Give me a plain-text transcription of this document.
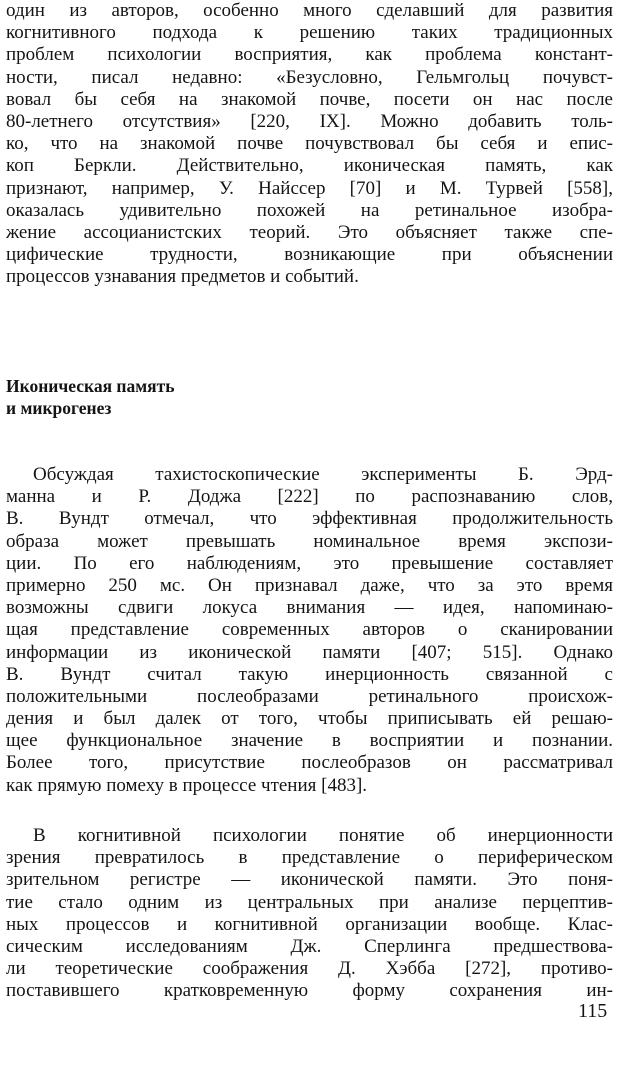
один из авторов, особенно много сделавший для развития
когнитивного подхода к решению таких традиционных
проблем психологии восприятия, как проблема констант-
ности, писал недавно: «Безусловно, Гельмгольц почувст-
вовал бы себя на знакомой почве, посети он нас после
80-летнего отсутствия» [220, IX]. Можно добавить толь-
ко, что на знакомой почве почувствовал бы себя и епис-
коп Беркли. Действительно, иконическая память, как
признают, например, У. Найссер [70] и М. Турвей [558],
оказалась удивительно похожей на ретинальное изобра-
жение ассоцианистских теорий. Это объясняет также спе-
цифические трудности, возникающие при объяснении
процессов узнавания предметов и событий.
Иконическая память
и микрогенез
Обсуждая тахистоскопические эксперименты Б. Эрд-
манна и Р. Доджа [222] по распознаванию слов,
В. Вундт отмечал, что эффективная продолжительность
образа может превышать номинальное время экспози-
ции. По его наблюдениям, это превышение составляет
примерно 250 мс. Он признавал даже, что за это время
возможны сдвиги локуса внимания — идея, напоминаю-
щая представление современных авторов о сканировании
информации из иконической памяти [407; 515]. Однако
В. Вундт считал такую инерционность связанной с
положительными послеобразами ретинального происхож-
дения и был далек от того, чтобы приписывать ей решаю-
щее функциональное значение в восприятии и познании.
Более того, присутствие послеобразов он рассматривал
как прямую помеху в процессе чтения [483].
В когнитивной психологии понятие об инерционности
зрения превратилось в представление о периферическом
зрительном регистре — иконической памяти. Это поня-
тие стало одним из центральных при анализе перцептив-
ных процессов и когнитивной организации вообще. Клас-
сическим исследованиям Дж. Сперлинга предшествова-
ли теоретические соображения Д. Хэбба [272], противо-
поставившего кратковременную форму сохранения ин-
115
